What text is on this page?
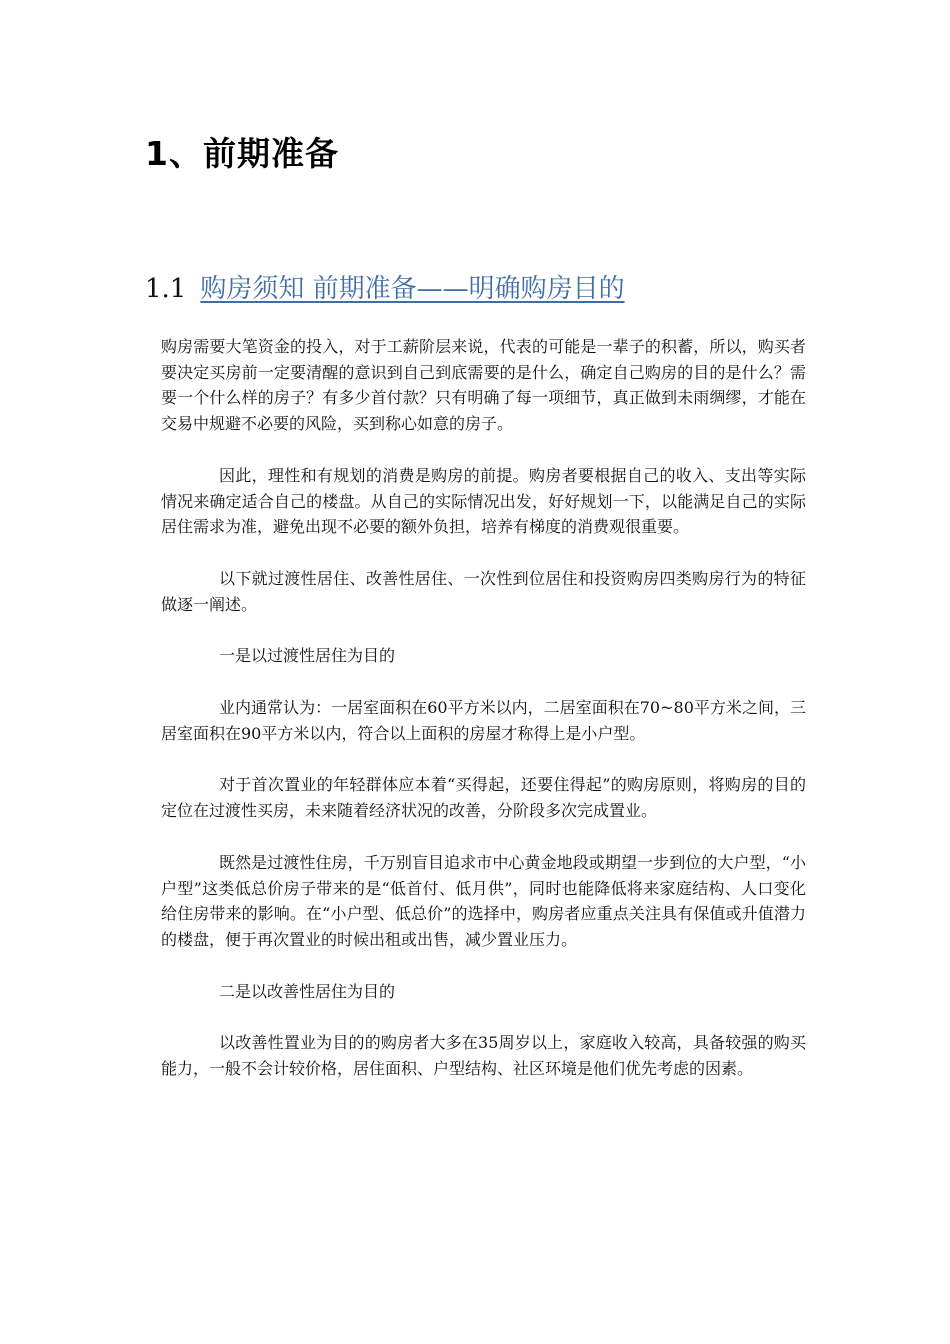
1、前期准备
1.1 购房须知 前期准备——明确购房目的

购房需要大笔资金的投入，对于工薪阶层来说，代表的可能是一辈子的积蓄，所以，购买者要决定买房前一定要清醒的意识到自己到底需要的是什么，确定自己购房的目的是什么？需要一个什么样的房子？有多少首付款？只有明确了每一项细节，真正做到未雨绸缪，才能在交易中规避不必要的风险，买到称心如意的房子。

因此，理性和有规划的消费是购房的前提。购房者要根据自己的收入、支出等实际情况来确定适合自己的楼盘。从自己的实际情况出发，好好规划一下，以能满足自己的实际居住需求为准，避免出现不必要的额外负担，培养有梯度的消费观很重要。

以下就过渡性居住、改善性居住、一次性到位居住和投资购房四类购房行为的特征做逐一阐述。

一是以过渡性居住为目的

业内通常认为：一居室面积在60平方米以内，二居室面积在70~80平方米之间，三居室面积在90平方米以内，符合以上面积的房屋才称得上是小户型。

对于首次置业的年轻群体应本着“买得起，还要住得起”的购房原则，将购房的目的定位在过渡性买房，未来随着经济状况的改善，分阶段多次完成置业。

既然是过渡性住房，千万别盲目追求市中心黄金地段或期望一步到位的大户型，“小户型”这类低总价房子带来的是“低首付、低月供”，同时也能降低将来家庭结构、人口变化给住房带来的影响。在“小户型、低总价”的选择中，购房者应重点关注具有保值或升值潜力的楼盘，便于再次置业的时候出租或出售，减少置业压力。

二是以改善性居住为目的

以改善性置业为目的的购房者大多在35周岁以上，家庭收入较高，具备较强的购买能力，一般不会计较价格，居住面积、户型结构、社区环境是他们优先考虑的因素。
